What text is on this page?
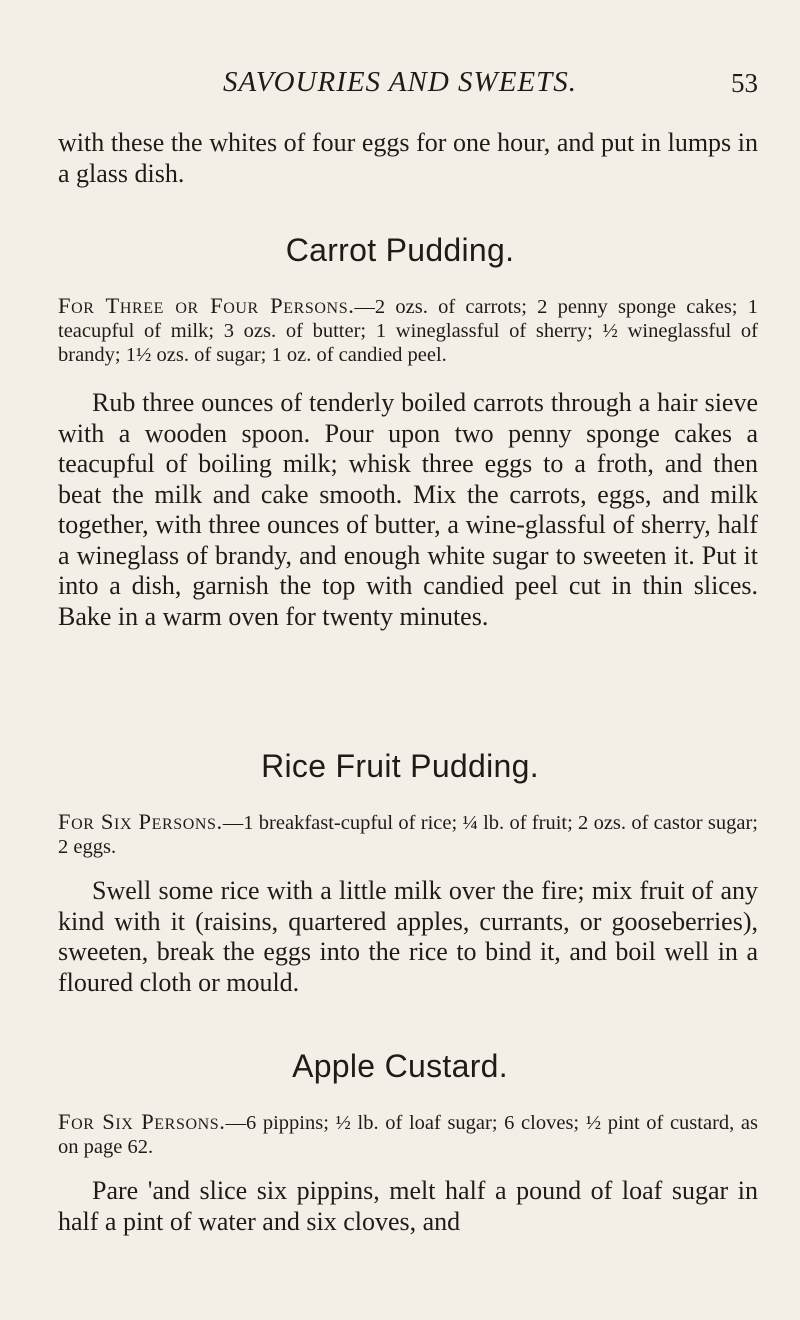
SAVOURIES AND SWEETS.	53

with these the whites of four eggs for one hour, and put in lumps in a glass dish.

Carrot Pudding.

For Three or Four Persons.—2 ozs. of carrots; 2 penny sponge cakes; 1 teacupful of milk; 3 ozs. of butter; 1 wineglassful of sherry; ½ wineglassful of brandy; 1½ ozs. of sugar; 1 oz. of candied peel.

Rub three ounces of tenderly boiled carrots through a hair sieve with a wooden spoon. Pour upon two penny sponge cakes a teacupful of boiling milk; whisk three eggs to a froth, and then beat the milk and cake smooth. Mix the carrots, eggs, and milk together, with three ounces of butter, a wine-glassful of sherry, half a wineglass of brandy, and enough white sugar to sweeten it. Put it into a dish, garnish the top with candied peel cut in thin slices. Bake in a warm oven for twenty minutes.

Rice Fruit Pudding.

For Six Persons.—1 breakfast-cupful of rice; ¼ lb. of fruit; 2 ozs. of castor sugar; 2 eggs.

Swell some rice with a little milk over the fire; mix fruit of any kind with it (raisins, quartered apples, currants, or gooseberries), sweeten, break the eggs into the rice to bind it, and boil well in a floured cloth or mould.

Apple Custard.

For Six Persons.—6 pippins; ½ lb. of loaf sugar; 6 cloves; ½ pint of custard, as on page 62.

Pare 'and slice six pippins, melt half a pound of loaf sugar in half a pint of water and six cloves, and
